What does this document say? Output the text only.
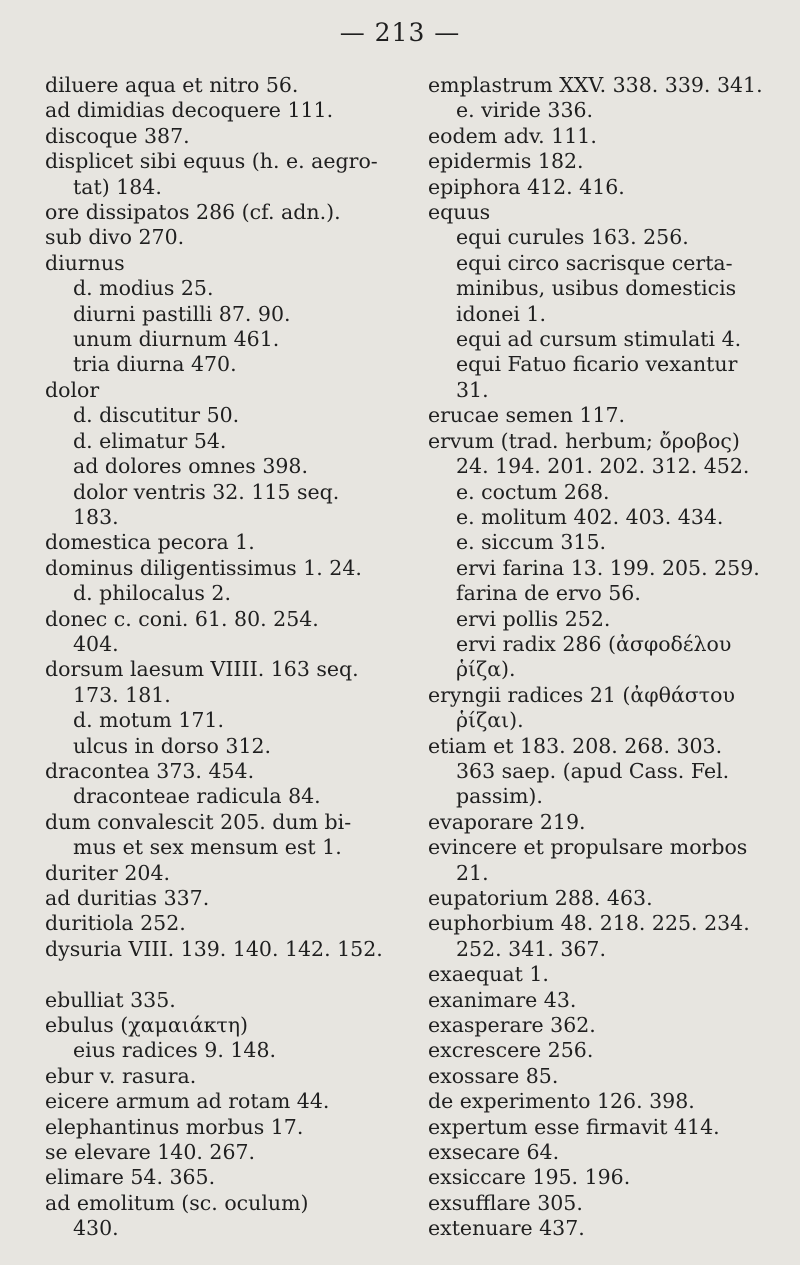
— 213 —
diluere aqua et nitro 56.
ad dimidias decoquere 111.
discoque 387.
displicet sibi equus (h. e. aegro-
tat) 184.
ore dissipatos 286 (cf. adn.).
sub divo 270.
diurnus
d. modius 25.
diurni pastilli 87. 90.
unum diurnum 461.
tria diurna 470.
dolor
d. discutitur 50.
d. elimatur 54.
ad dolores omnes 398.
dolor ventris 32. 115 seq.
183.
domestica pecora 1.
dominus diligentissimus 1. 24.
d. philocalus 2.
donec c. coni. 61. 80. 254.
404.
dorsum laesum VIIII. 163 seq.
173. 181.
d. motum 171.
ulcus in dorso 312.
dracontea 373. 454.
draconteae radicula 84.
dum convalescit 205. dum bi-
mus et sex mensum est 1.
duriter 204.
ad duritias 337.
duritiola 252.
dysuria VIII. 139. 140. 142. 152.
ebulliat 335.
ebulus (χαμαιάκτη)
eius radices 9. 148.
ebur v. rasura.
eicere armum ad rotam 44.
elephantinus morbus 17.
se elevare 140. 267.
elimare 54. 365.
ad emolitum (sc. oculum)
430.
emplastrum XXV. 338. 339. 341.
e. viride 336.
eodem adv. 111.
epidermis 182.
epiphora 412. 416.
equus
equi curules 163. 256.
equi circo sacrisque certa-
minibus, usibus domesticis
idonei 1.
equi ad cursum stimulati 4.
equi Fatuo ficario vexantur
31.
erucae semen 117.
ervum (trad. herbum; ὄροβος)
24. 194. 201. 202. 312. 452.
e. coctum 268.
e. molitum 402. 403. 434.
e. siccum 315.
ervi farina 13. 199. 205. 259.
farina de ervo 56.
ervi pollis 252.
ervi radix 286 (ἀσφοδέλου
ῥίζα).
eryngii radices 21 (ἀφθάστου
ῥίζαι).
etiam et 183. 208. 268. 303.
363 saep. (apud Cass. Fel.
passim).
evaporare 219.
evincere et propulsare morbos
21.
eupatorium 288. 463.
euphorbium 48. 218. 225. 234.
252. 341. 367.
exaequat 1.
exanimare 43.
exasperare 362.
excrescere 256.
exossare 85.
de experimento 126. 398.
expertum esse firmavit 414.
exsecare 64.
exsiccare 195. 196.
exsufflare 305.
extenuare 437.
